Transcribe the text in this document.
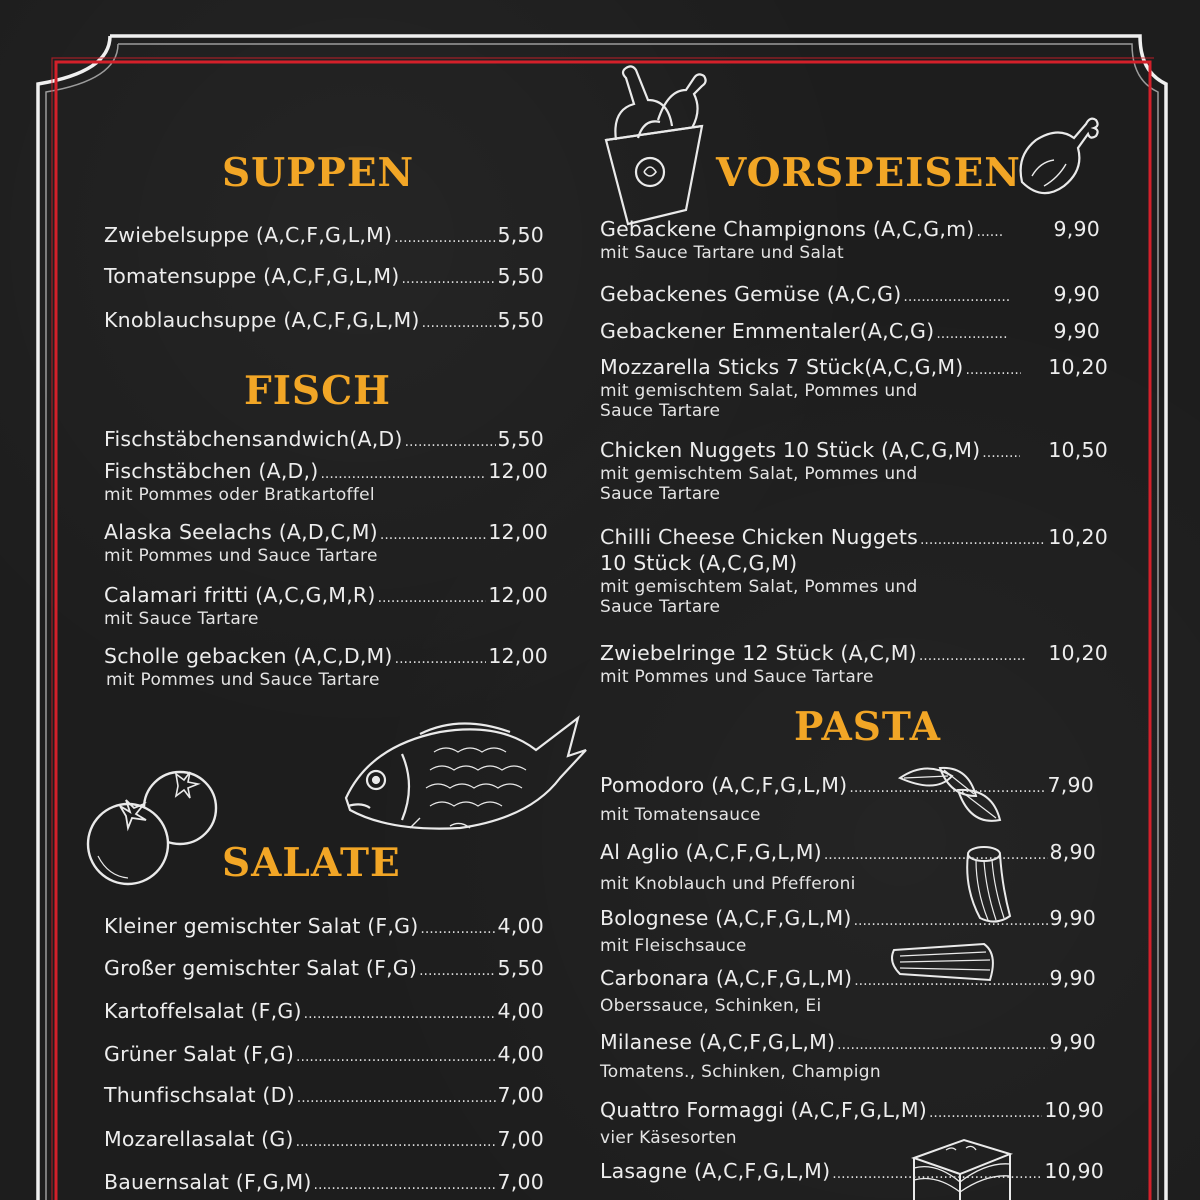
SUPPEN
Zwiebelsuppe (A,C,F,G,L,M) .....	5,50
Tomatensuppe (A,C,F,G,L,M) .....	5,50
Knoblauchsuppe (A,C,F,G,L,M) .....	5,50
FISCH
Fischstäbchensandwich(A,D) .....	5,50
Fischstäbchen (A,D,) .....	12,00
mit Pommes oder Bratkartoffel
Alaska Seelachs (A,D,C,M) .....	12,00
mit Pommes und Sauce Tartare
Calamari fritti (A,C,G,M,R) .....	12,00
mit Sauce Tartare
Scholle gebacken (A,C,D,M) .....	12,00
mit Pommes und Sauce Tartare
SALATE
Kleiner gemischter Salat (F,G) .....	4,00
Großer gemischter Salat (F,G) .....	5,50
Kartoffelsalat (F,G) .....	4,00
Grüner Salat (F,G) .....	4,00
Thunfischsalat (D) .....	7,00
Mozarellasalat (G) .....	7,00
Bauernsalat (F,G,M) .....	7,00
VORSPEISEN
Gebackene Champignons (A,C,G,m) .....	9,90
mit Sauce Tartare und Salat
Gebackenes Gemüse (A,C,G) .....	9,90
Gebackener Emmentaler(A,C,G) .....	9,90
Mozzarella Sticks 7 Stück(A,C,G,M) .....	10,20
mit gemischtem Salat, Pommes und
Sauce Tartare
Chicken Nuggets 10 Stück (A,C,G,M) .....	10,50
mit gemischtem Salat, Pommes und
Sauce Tartare
Chilli Cheese Chicken Nuggets .....	10,20
10 Stück (A,C,G,M)
mit gemischtem Salat, Pommes und
Sauce Tartare
Zwiebelringe 12 Stück (A,C,M) .....	10,20
mit Pommes und Sauce Tartare
PASTA
Pomodoro (A,C,F,G,L,M) .....	7,90
mit Tomatensauce
Al Aglio (A,C,F,G,L,M) .....	8,90
mit Knoblauch und Pfefferoni
Bolognese (A,C,F,G,L,M) .....	9,90
mit Fleischsauce
Carbonara (A,C,F,G,L,M) .....	9,90
Oberssauce, Schinken, Ei
Milanese (A,C,F,G,L,M) .....	9,90
Tomatens., Schinken, Champign
Quattro Formaggi (A,C,F,G,L,M) .....	10,90
vier Käsesorten
Lasagne (A,C,F,G,L,M) .....	10,90
